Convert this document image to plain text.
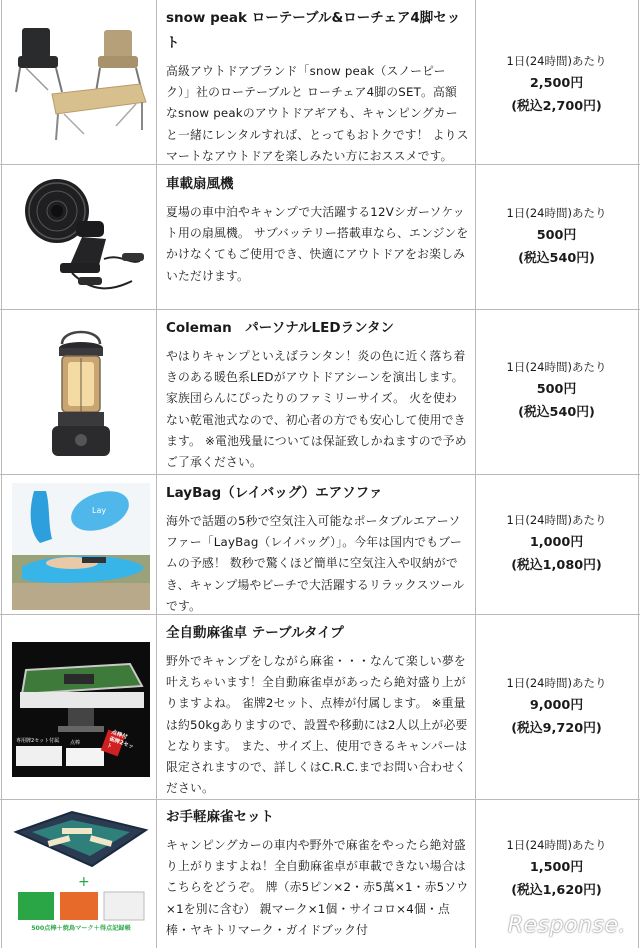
snow peak ローテーブル&ローチェア4脚セット
高級アウトドアブランド「snow peak（スノーピーク）」社のローテーブルと ローチェア4脚のSET。高額なsnow peakのアウトドアギアも、キャンピングカーと一緒にレンタルすれば、とってもおトクです！ よりスマートなアウトドアを楽しみたい方におススメです。
1日(24時間)あたり
2,500円
(税込2,700円)
車載扇風機
夏場の車中泊やキャンプで大活躍する12Vシガーソケット用の扇風機。 サブバッテリー搭載車なら、エンジンをかけなくてもご使用でき、快適にアウトドアをお楽しみいただけます。
1日(24時間)あたり
500円
(税込540円)
Coleman　パーソナルLEDランタン
やはりキャンプといえばランタン！炎の色に近く落ち着きのある暖色系LEDがアウトドアシーンを演出します。 家族団らんにぴったりのファミリーサイズ。 火を使わない乾電池式なので、初心者の方でも安心して使用できます。 ※電池残量については保証致しかねますので予めご了承ください。
1日(24時間)あたり
500円
(税込540円)
Lay
LayBag（レイバッグ）エアソファ
海外で話題の5秒で空気注入可能なポータブルエアーソファー「LayBag（レイバッグ）」。今年は国内でもブームの予感！ 数秒で驚くほど簡単に空気注入や収納ができ、キャンプ場やビーチで大活躍するリラックスツールです。
1日(24時間)あたり
1,000円
(税込1,080円)
点棒付
雀牌2セット
専用牌2セット付属 点棒
全自動麻雀卓 テーブルタイプ
野外でキャンプをしながら麻雀・・・なんて楽しい夢を叶えちゃいます！全自動麻雀卓があったら絶対盛り上がりますよね。 雀牌2セット、点棒が付属します。 ※重量は約50kgありますので、設置や移動には2人以上が必要となります。 また、サイズ上、使用できるキャンパーは限定されますので、詳しくはC.R.C.までお問い合わせください。
1日(24時間)あたり
9,000円
(税込9,720円)
+
500点棒＋焼鳥マーク＋得点記録帳
お手軽麻雀セット
キャンピングカーの車内や野外で麻雀をやったら絶対盛り上がりますよね！全自動麻雀卓が車載できない場合はこちらをどうぞ。 牌（赤5ピン×2・赤5萬×1・赤5ソウ×1を別に含む） 親マーク×1個・サイコロ×4個・点棒・ヤキトリマーク・ガイドブック付
1日(24時間)あたり
1,500円
(税込1,620円)
Response.
